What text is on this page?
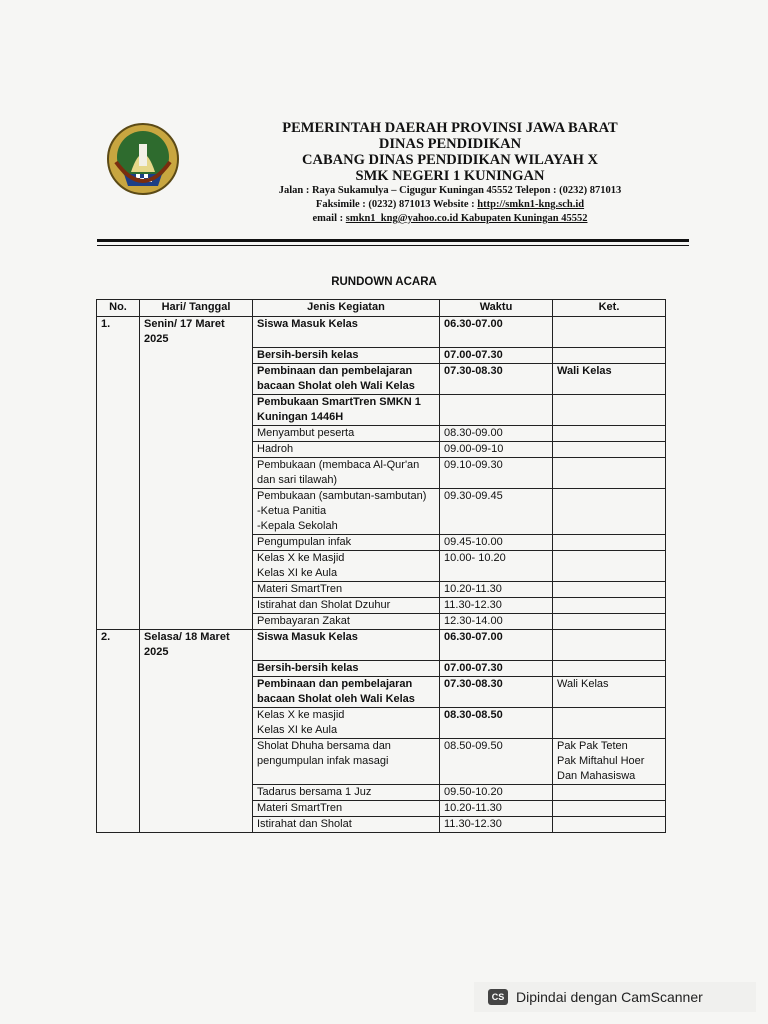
PEMERINTAH DAERAH PROVINSI JAWA BARAT
DINAS PENDIDIKAN
CABANG DINAS PENDIDIKAN WILAYAH X
SMK NEGERI 1 KUNINGAN
Jalan : Raya Sukamulya – Cigugur Kuningan 45552 Telepon : (0232) 871013
Faksimile : (0232) 871013 Website : http://smkn1-kng.sch.id
email : smkn1_kng@yahoo.co.id Kabupaten Kuningan 45552
RUNDOWN ACARA
No.	Hari/ Tanggal	Jenis Kegiatan	Waktu	Ket.
1.	Senin/ 17 Maret 2025	Siswa Masuk Kelas	06.30-07.00	
		Bersih-bersih kelas	07.00-07.30	
		Pembinaan dan pembelajaran bacaan Sholat oleh Wali Kelas	07.30-08.30	Wali Kelas
		Pembukaan SmartTren SMKN 1 Kuningan 1446H		
		Menyambut peserta	08.30-09.00	
		Hadroh	09.00-09-10	
		Pembukaan (membaca Al-Qur'an dan sari tilawah)	09.10-09.30	

		Pembukaan (sambutan-sambutan)
-Ketua Panitia
-Kepala Sekolah	09.30-09.45	
		Pengumpulan infak	09.45-10.00	

		Kelas X ke Masjid
Kelas XI ke Aula	10.00- 10.20	
		Materi SmartTren	10.20-11.30	
		Istirahat dan Sholat Dzuhur	11.30-12.30	
		Pembayaran Zakat	12.30-14.00	
2.	Selasa/ 18 Maret 2025	Siswa Masuk Kelas	06.30-07.00	
		Bersih-bersih kelas	07.00-07.30	
		Pembinaan dan pembelajaran bacaan Sholat oleh Wali Kelas	07.30-08.30	Wali Kelas

		Kelas X ke masjid
Kelas XI ke Aula	08.30-08.50	
		Sholat Dhuha bersama dan pengumpulan infak masagi	08.50-09.50	Pak Pak Teten
Pak Miftahul Hoer
Dan Mahasiswa

		Tadarus bersama 1 Juz	09.50-10.20	
		Materi SmartTren	10.20-11.30	
		Istirahat dan Sholat	11.30-12.30	
CS Dipindai dengan CamScanner
